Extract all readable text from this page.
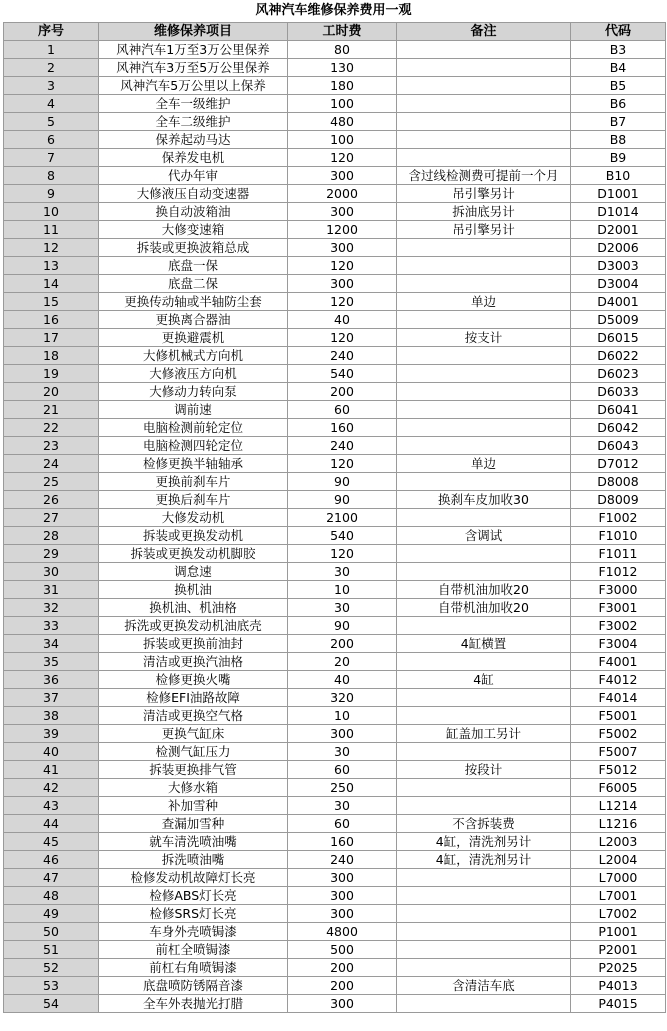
风神汽车维修保养费用一观
序号	维修保养项目	工时费	备注	代码
1	风神汽车1万至3万公里保养	80		B3
2	风神汽车3万至5万公里保养	130		B4
3	风神汽车5万公里以上保养	180		B5
4	全车一级维护	100		B6
5	全车二级维护	480		B7
6	保养起动马达	100		B8
7	保养发电机	120		B9
8	代办年审	300	含过线检测费可提前一个月	B10
9	大修液压自动变速器	2000	吊引擎另计	D1001
10	换自动波箱油	300	拆油底另计	D1014
11	大修变速箱	1200	吊引擎另计	D2001
12	拆装或更换波箱总成	300		D2006
13	底盘一保	120		D3003
14	底盘二保	300		D3004
15	更换传动轴或半轴防尘套	120	单边	D4001
16	更换离合器油	40		D5009
17	更换避震机	120	按支计	D6015
18	大修机械式方向机	240		D6022
19	大修液压方向机	540		D6023
20	大修动力转向泵	200		D6033
21	调前速	60		D6041
22	电脑检测前轮定位	160		D6042
23	电脑检测四轮定位	240		D6043
24	检修更换半轴轴承	120	单边	D7012
25	更换前刹车片	90		D8008
26	更换后刹车片	90	换刹车皮加收30	D8009
27	大修发动机	2100		F1002
28	拆装或更换发动机	540	含调试	F1010
29	拆装或更换发动机脚胶	120		F1011
30	调怠速	30		F1012
31	换机油	10	自带机油加收20	F3000
32	换机油、机油格	30	自带机油加收20	F3001
33	拆洗或更换发动机油底壳	90		F3002
34	拆装或更换前油封	200	4缸横置	F3004
35	清洁或更换汽油格	20		F4001
36	检修更换火嘴	40	4缸	F4012
37	检修EFI油路故障	320		F4014
38	清洁或更换空气格	10		F5001
39	更换气缸床	300	缸盖加工另计	F5002
40	检测气缸压力	30		F5007
41	拆装更换排气管	60	按段计	F5012
42	大修水箱	250		F6005
43	补加雪种	30		L1214
44	查漏加雪种	60	不含拆装费	L1216
45	就车清洗喷油嘴	160	4缸，清洗剂另计	L2003
46	拆洗喷油嘴	240	4缸，清洗剂另计	L2004
47	检修发动机故障灯长亮	300		L7000
48	检修ABS灯长亮	300		L7001
49	检修SRS灯长亮	300		L7002
50	车身外壳喷锔漆	4800		P1001
51	前杠全喷锔漆	500		P2001
52	前杠右角喷锔漆	200		P2025
53	底盘喷防锈隔音漆	200	含清洁车底	P4013
54	全车外表抛光打腊	300		P4015
